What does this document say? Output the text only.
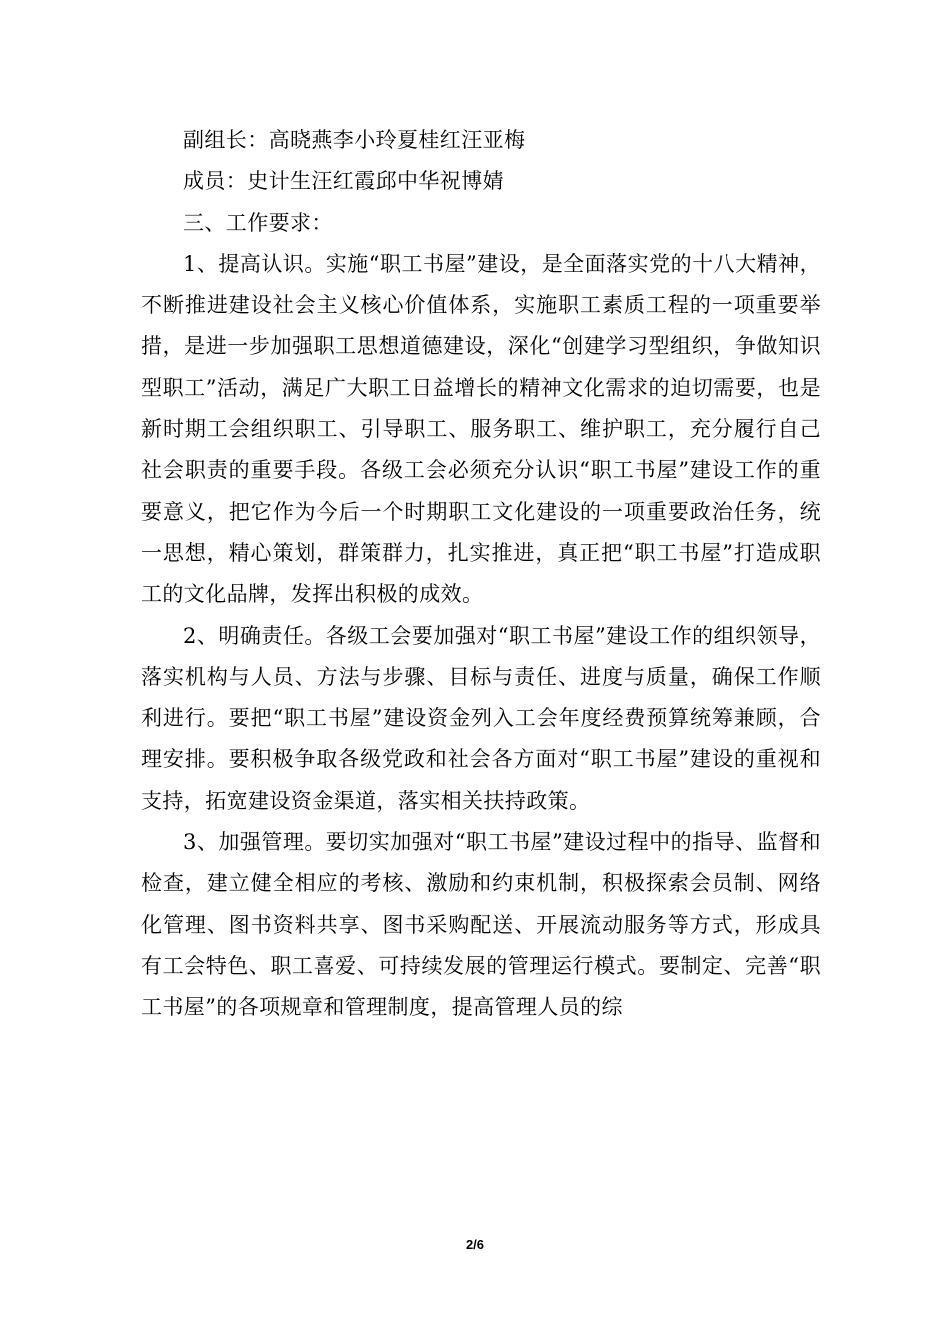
副组长：高晓燕李小玲夏桂红汪亚梅

成员：史计生汪红霞邱中华祝博婧

三、工作要求：

1、提高认识。实施“职工书屋”建设，是全面落实党的十八大精神，不断推进建设社会主义核心价值体系，实施职工素质工程的一项重要举措，是进一步加强职工思想道德建设，深化“创建学习型组织，争做知识型职工”活动，满足广大职工日益增长的精神文化需求的迫切需要，也是新时期工会组织职工、引导职工、服务职工、维护职工，充分履行自己社会职责的重要手段。各级工会必须充分认识“职工书屋”建设工作的重要意义，把它作为今后一个时期职工文化建设的一项重要政治任务，统一思想，精心策划，群策群力，扎实推进，真正把“职工书屋”打造成职工的文化品牌，发挥出积极的成效。

2、明确责任。各级工会要加强对“职工书屋”建设工作的组织领导，落实机构与人员、方法与步骤、目标与责任、进度与质量，确保工作顺利进行。要把“职工书屋”建设资金列入工会年度经费预算统筹兼顾，合理安排。要积极争取各级党政和社会各方面对“职工书屋”建设的重视和支持，拓宽建设资金渠道，落实相关扶持政策。

3、加强管理。要切实加强对“职工书屋”建设过程中的指导、监督和检查，建立健全相应的考核、激励和约束机制，积极探索会员制、网络化管理、图书资料共享、图书采购配送、开展流动服务等方式，形成具有工会特色、职工喜爱、可持续发展的管理运行模式。要制定、完善“职工书屋”的各项规章和管理制度，提高管理人员的综

2/6
